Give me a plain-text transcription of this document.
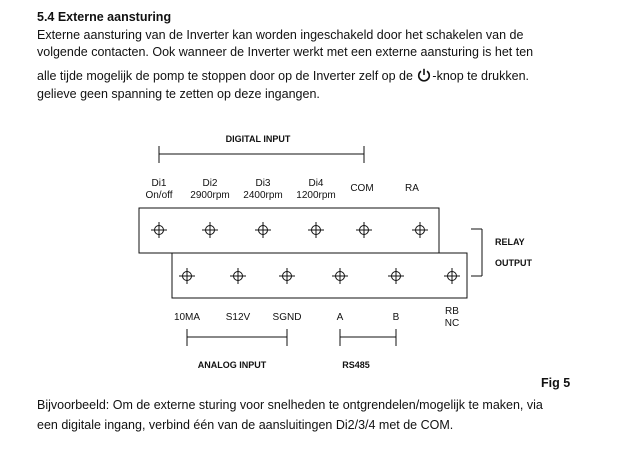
5.4 Externe aansturing
Externe aansturing van de Inverter kan worden ingeschakeld door het schakelen van de
volgende contacten. Ook wanneer de Inverter werkt met een externe aansturing is het ten
alle tijde mogelijk de pomp te stoppen door op de Inverter zelf op de -knop te drukken.
gelieve geen spanning te zetten op deze ingangen.
DIGITAL INPUT
Di1
On/off
Di2
2900rpm
Di3
2400rpm
Di4
1200rpm
COM	RA
RELAY
OUTPUT
10MA	S12V SGND	A	B
RB
NC
ANALOG INPUT	RS485
Fig 5
Bijvoorbeeld: Om de externe sturing voor snelheden te ontgrendelen/mogelijk te maken, via
een digitale ingang, verbind één van de aansluitingen Di2/3/4 met de COM.
